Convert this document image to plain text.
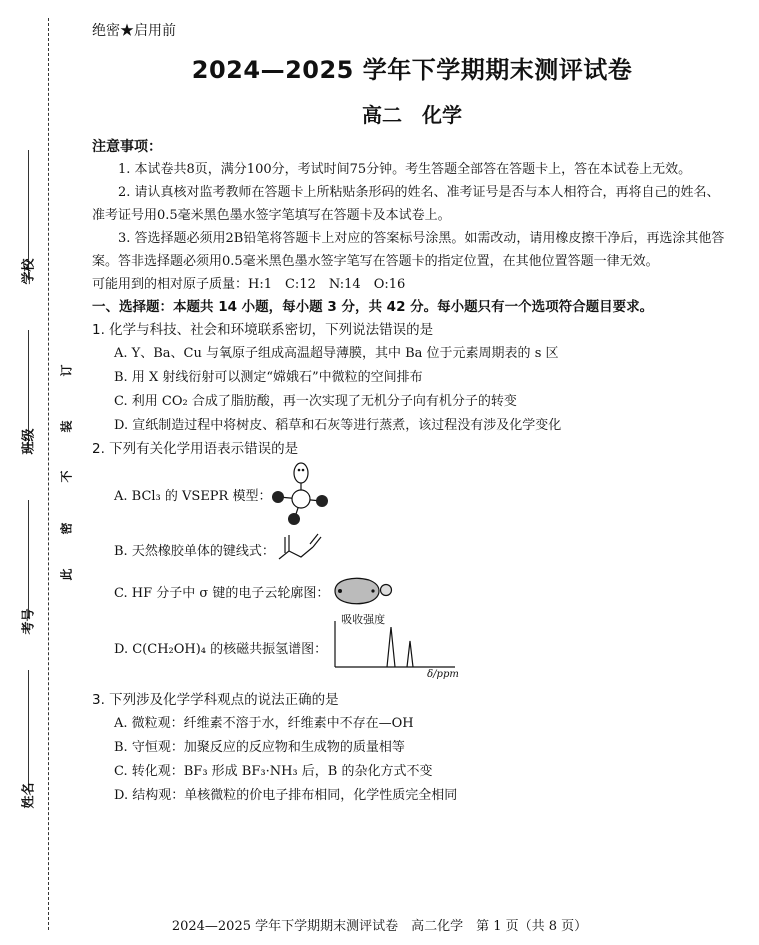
学校
班级
考号
姓名
订
装
不
密
此
绝密★启用前
2024—2025 学年下学期期末测评试卷
高二　化学
注意事项：
1. 本试卷共8页，满分100分，考试时间75分钟。考生答题全部答在答题卡上，答在本试卷上无效。
2. 请认真核对监考教师在答题卡上所粘贴条形码的姓名、准考证号是否与本人相符合，再将自己的姓名、准考证号用0.5毫米黑色墨水签字笔填写在答题卡及本试卷上。
3. 答选择题必须用2B铅笔将答题卡上对应的答案标号涂黑。如需改动，请用橡皮擦干净后，再选涂其他答案。答非选择题必须用0.5毫米黑色墨水签字笔写在答题卡的指定位置，在其他位置答题一律无效。
可能用到的相对原子质量：H:1　C:12　N:14　O:16
一、选择题：本题共 14 小题，每小题 3 分，共 42 分。每小题只有一个选项符合题目要求。
1. 化学与科技、社会和环境联系密切，下列说法错误的是
A. Y、Ba、Cu 与氧原子组成高温超导薄膜，其中 Ba 位于元素周期表的 s 区
B. 用 X 射线衍射可以测定“嫦娥石”中微粒的空间排布
C. 利用 CO₂ 合成了脂肪酸，再一次实现了无机分子向有机分子的转变
D. 宣纸制造过程中将树皮、稻草和石灰等进行蒸煮，该过程没有涉及化学变化
2. 下列有关化学用语表示错误的是
A. BCl₃ 的 VSEPR 模型：
B. 天然橡胶单体的键线式：
C. HF 分子中 σ 键的电子云轮廓图：
D. C(CH₂OH)₄ 的核磁共振氢谱图：
吸收强度
δ/ppm
3. 下列涉及化学学科观点的说法正确的是
A. 微粒观：纤维素不溶于水，纤维素中不存在—OH
B. 守恒观：加聚反应的反应物和生成物的质量相等
C. 转化观：BF₃ 形成 BF₃·NH₃ 后，B 的杂化方式不变
D. 结构观：单核微粒的价电子排布相同，化学性质完全相同
2024—2025 学年下学期期末测评试卷　高二化学　第 1 页（共 8 页）
